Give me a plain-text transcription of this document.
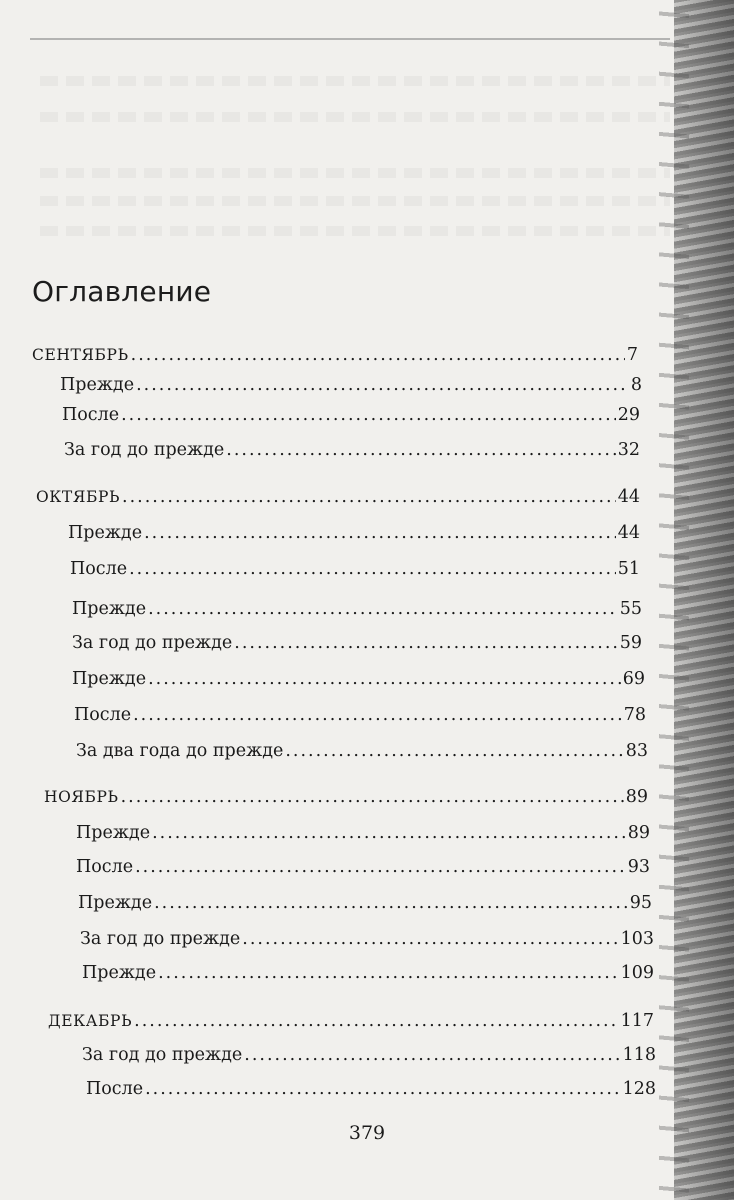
Оглавление
СЕНТЯБРЬ .....	7
Прежде .....	8
После .....	29
За год до прежде .....	32
ОКТЯБРЬ .....	44
Прежде .....	44
После .....	51
Прежде .....	55
За год до прежде .....	59
Прежде .....	69
После .....	78
За два года до прежде .....	83
НОЯБРЬ .....	89
Прежде .....	89
После .....	93
Прежде .....	95
За год до прежде .....	103
Прежде .....	109
ДЕКАБРЬ .....	117
За год до прежде .....	118
После .....	128
379
